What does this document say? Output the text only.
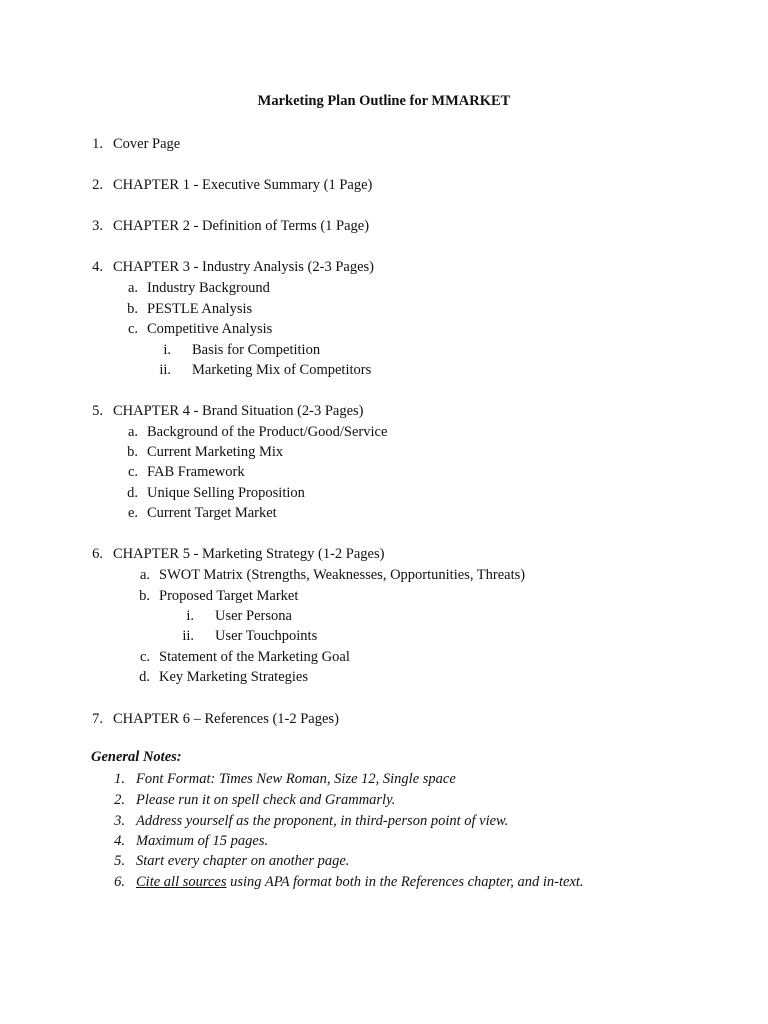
Marketing Plan Outline for MMARKET
1. Cover Page
2. CHAPTER 1 - Executive Summary (1 Page)
3. CHAPTER 2 - Definition of Terms (1 Page)
4. CHAPTER 3 - Industry Analysis (2-3 Pages)
a. Industry Background
b. PESTLE Analysis
c. Competitive Analysis
i. Basis for Competition
ii. Marketing Mix of Competitors
5. CHAPTER 4 - Brand Situation (2-3 Pages)
a. Background of the Product/Good/Service
b. Current Marketing Mix
c. FAB Framework
d. Unique Selling Proposition
e. Current Target Market
6. CHAPTER 5 - Marketing Strategy (1-2 Pages)
a. SWOT Matrix (Strengths, Weaknesses, Opportunities, Threats)
b. Proposed Target Market
i. User Persona
ii. User Touchpoints
c. Statement of the Marketing Goal
d. Key Marketing Strategies
7. CHAPTER 6 – References (1-2 Pages)
General Notes:
1. Font Format: Times New Roman, Size 12, Single space
2. Please run it on spell check and Grammarly.
3. Address yourself as the proponent, in third-person point of view.
4. Maximum of 15 pages.
5. Start every chapter on another page.
6. Cite all sources using APA format both in the References chapter, and in-text.
